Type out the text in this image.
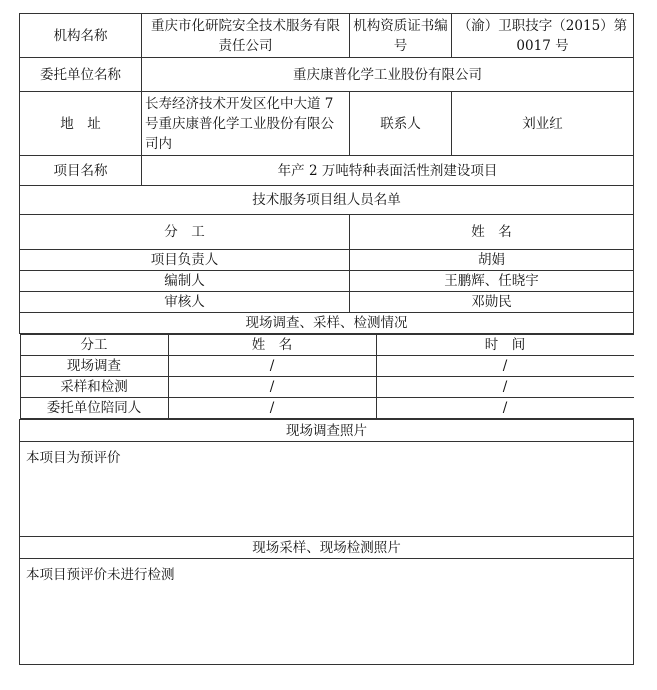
机构名称	重庆市化研院安全技术服务有限责任公司	机构资质证书编号	（渝）卫职技字（2015）第 0017 号
委托单位名称	重庆康普化学工业股份有限公司
地　址	长寿经济技术开发区化中大道 7 号重庆康普化学工业股份有限公司内	联系人	刘业红
项目名称	年产 2 万吨特种表面活性剂建设项目
技术服务项目组人员名单
分　工	姓　名
项目负责人	胡娟
编制人	王鹏辉、任晓宇
审核人	邓勋民
现场调查、采样、检测情况

分工	姓　名	时　间
现场调查	/	/
采样和检测	/	/
委托单位陪同人	/	/

现场调查照片
本项目为预评价
现场采样、现场检测照片
本项目预评价未进行检测
